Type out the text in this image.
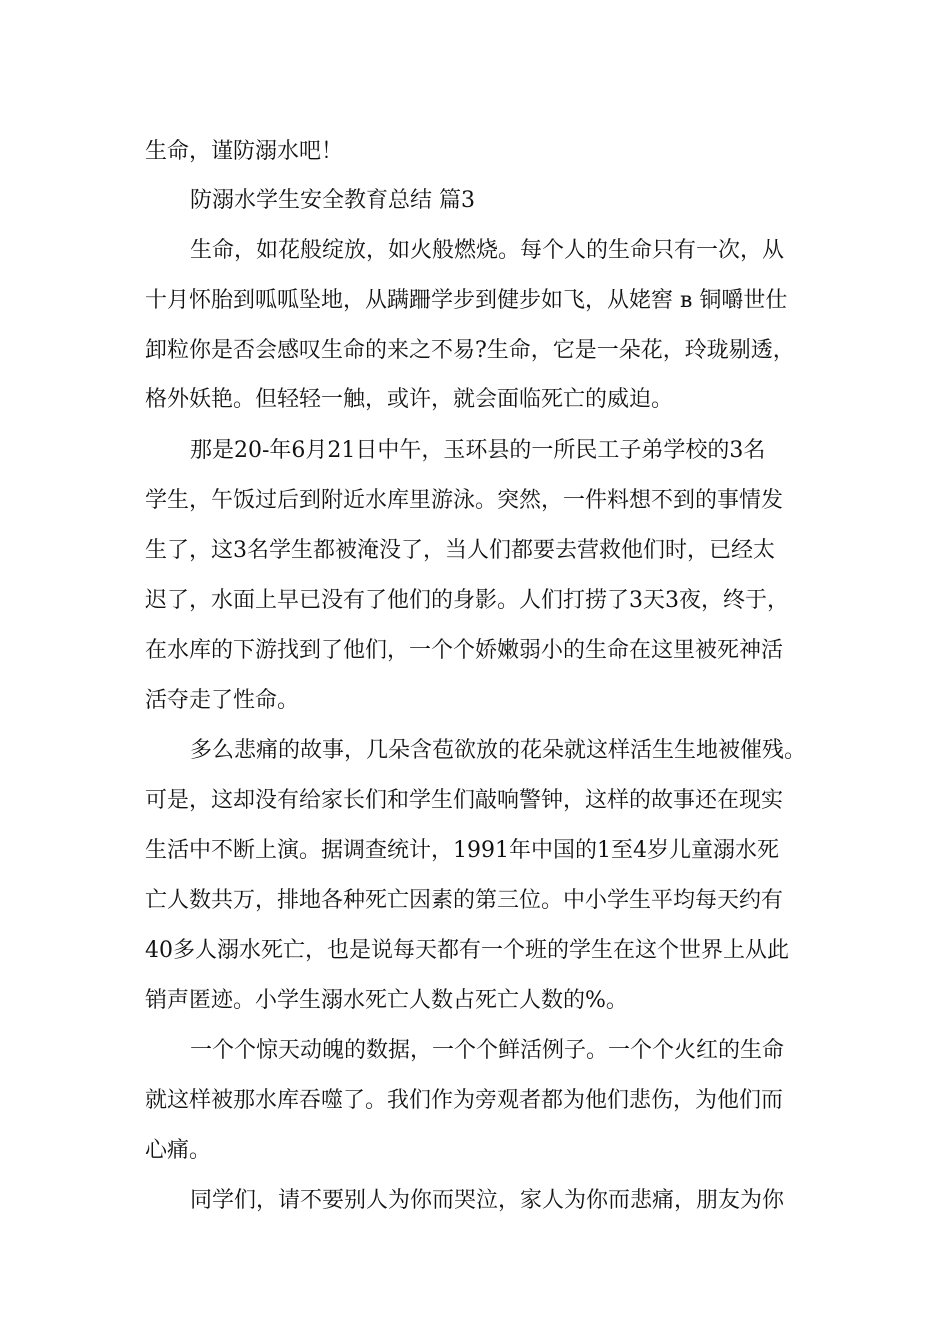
生命，谨防溺水吧！

防溺水学生安全教育总结 篇3

生命，如花般绽放，如火般燃烧。每个人的生命只有一次，从

十月怀胎到呱呱坠地，从蹒跚学步到健步如飞，从姥窖 в 铜嚼世仕

卸粒你是否会感叹生命的来之不易?生命，它是一朵花，玲珑剔透，

格外妖艳。但轻轻一触，或许，就会面临死亡的威迫。

那是20-年6月21日中午，玉环县的一所民工子弟学校的3名

学生，午饭过后到附近水库里游泳。突然，一件料想不到的事情发

生了，这3名学生都被淹没了，当人们都要去营救他们时，已经太

迟了，水面上早已没有了他们的身影。人们打捞了3天3夜，终于，

在水库的下游找到了他们，一个个娇嫩弱小的生命在这里被死神活

活夺走了性命。

多么悲痛的故事，几朵含苞欲放的花朵就这样活生生地被催残。

可是，这却没有给家长们和学生们敲响警钟，这样的故事还在现实

生活中不断上演。据调查统计，1991年中国的1至4岁儿童溺水死

亡人数共万，排地各种死亡因素的第三位。中小学生平均每天约有

40多人溺水死亡，也是说每天都有一个班的学生在这个世界上从此

销声匿迹。小学生溺水死亡人数占死亡人数的%。

一个个惊天动魄的数据，一个个鲜活例子。一个个火红的生命

就这样被那水库吞噬了。我们作为旁观者都为他们悲伤，为他们而

心痛。

同学们，请不要别人为你而哭泣，家人为你而悲痛，朋友为你
